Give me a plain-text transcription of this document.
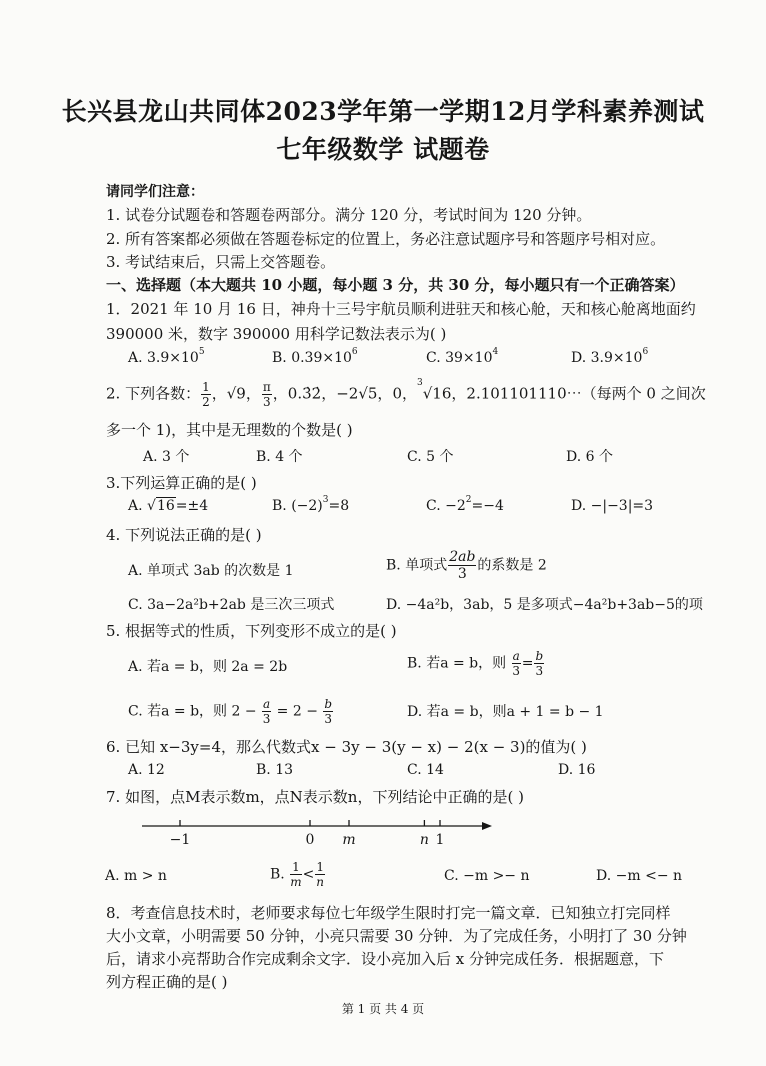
长兴县龙山共同体2023学年第一学期12月学科素养测试
七年级数学 试题卷
请同学们注意：
1. 试卷分试题卷和答题卷两部分。满分 120 分，考试时间为 120 分钟。
2. 所有答案都必须做在答题卷标定的位置上，务必注意试题序号和答题序号相对应。
3. 考试结束后，只需上交答题卷。
一、选择题（本大题共 10 小题，每小题 3 分，共 30 分，每小题只有一个正确答案）
1．2021 年 10 月 16 日，神舟十三号宇航员顺利进驻天和核心舱，天和核心舱离地面约
390000 米，数字 390000 用科学记数法表示为( )
A. $3.9\times 10^5$	B. $0.39\times 10^6$	C. $39\times 10^4$	D. $3.9\times 10^6$
2. 下列各数： $\frac{1}{2}$ ，√9， $\frac{\pi}{3}$ ，0.3̇2̇，−2√5，0，$^3$√16，2.101101110⋯（每两个 0 之间次
多一个 1)，其中是无理数的个数是( )
A. 3 个	B. 4 个	C. 5 个	D. 6 个
3.下列运算正确的是( )
A. √16=±4	B. $(-2)^3=8$	C. $-2^2=-4$	D. −|−3|=3
4. 下列说法正确的是( )
A. 单项式 3ab 的次数是 1	B. 单项式 $\frac{2ab}{3}$ 的系数是 2
C. 3a−2a²b+2ab 是三次三项式	D. −4a²b，3ab，5 是多项式−4a²b+3ab−5的项
5. 根据等式的性质，下列变形不成立的是( )
A. 若a = b，则 2a = 2b	B. 若a = b，则 $\frac{a}{3} = \frac{b}{3}$
C. 若a = b，则 $2 - \frac{a}{3} = 2 - \frac{b}{3}$	D. 若a = b，则a + 1 = b − 1
6. 已知 x−3y=4，那么代数式x − 3y − 3(y − x) − 2(x − 3)的值为( )
A. 12	B. 13	C. 14	D. 16
7. 如图，点M表示数m，点N表示数n，下列结论中正确的是( )
−1	0 m	n 1
A. m > n	B. $\frac{1}{m} < \frac{1}{n}$	C. −m >− n	D. −m <− n
8．考查信息技术时，老师要求每位七年级学生限时打完一篇文章．已知独立打完同样
大小文章，小明需要 50 分钟，小亮只需要 30 分钟．为了完成任务，小明打了 30 分钟
后，请求小亮帮助合作完成剩余文字．设小亮加入后 x 分钟完成任务．根据题意，下
列方程正确的是( )
第 1 页 共 4 页
